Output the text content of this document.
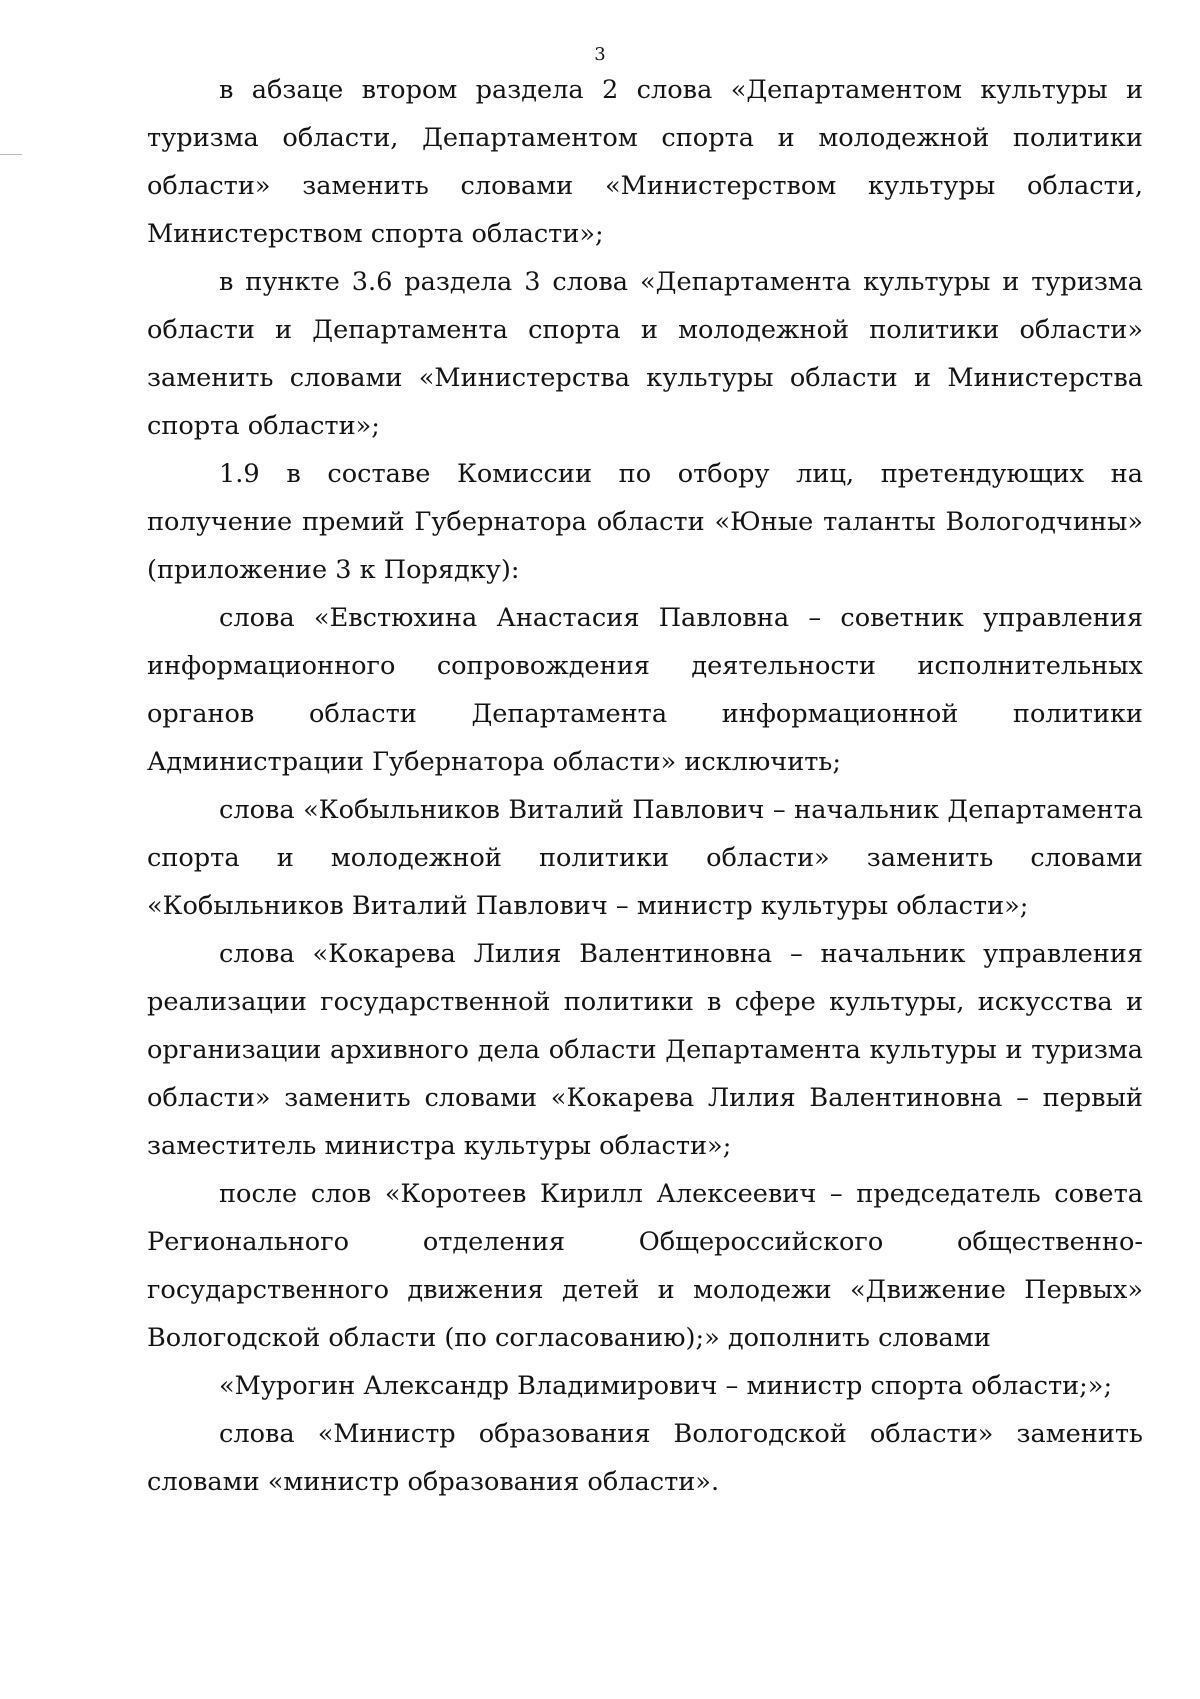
3

в абзаце втором раздела 2 слова «Департаментом культуры и туризма области, Департаментом спорта и молодежной политики области» заменить словами «Министерством культуры области, Министерством спорта области»;

в пункте 3.6 раздела 3 слова «Департамента культуры и туризма области и Департамента спорта и молодежной политики области» заменить словами «Министерства культуры области и Министерства спорта области»;

1.9 в составе Комиссии по отбору лиц, претендующих на получение премий Губернатора области «Юные таланты Вологодчины» (приложение 3 к Порядку):

слова «Евстюхина Анастасия Павловна – советник управления информационного сопровождения деятельности исполнительных органов области Департамента информационной политики Администрации Губернатора области» исключить;

слова «Кобыльников Виталий Павлович – начальник Департамента спорта и молодежной политики области» заменить словами «Кобыльников Виталий Павлович – министр культуры области»;

слова «Кокарева Лилия Валентиновна – начальник управления реализации государственной политики в сфере культуры, искусства и организации архивного дела области Департамента культуры и туризма области» заменить словами «Кокарева Лилия Валентиновна – первый заместитель министра культуры области»;

после слов «Коротеев Кирилл Алексеевич – председатель совета Регионального отделения Общероссийского общественно-государственного движения детей и молодежи «Движение Первых» Вологодской области (по согласованию);» дополнить словами

«Мурогин Александр Владимирович – министр спорта области;»;

слова «Министр образования Вологодской области» заменить словами «министр образования области».
